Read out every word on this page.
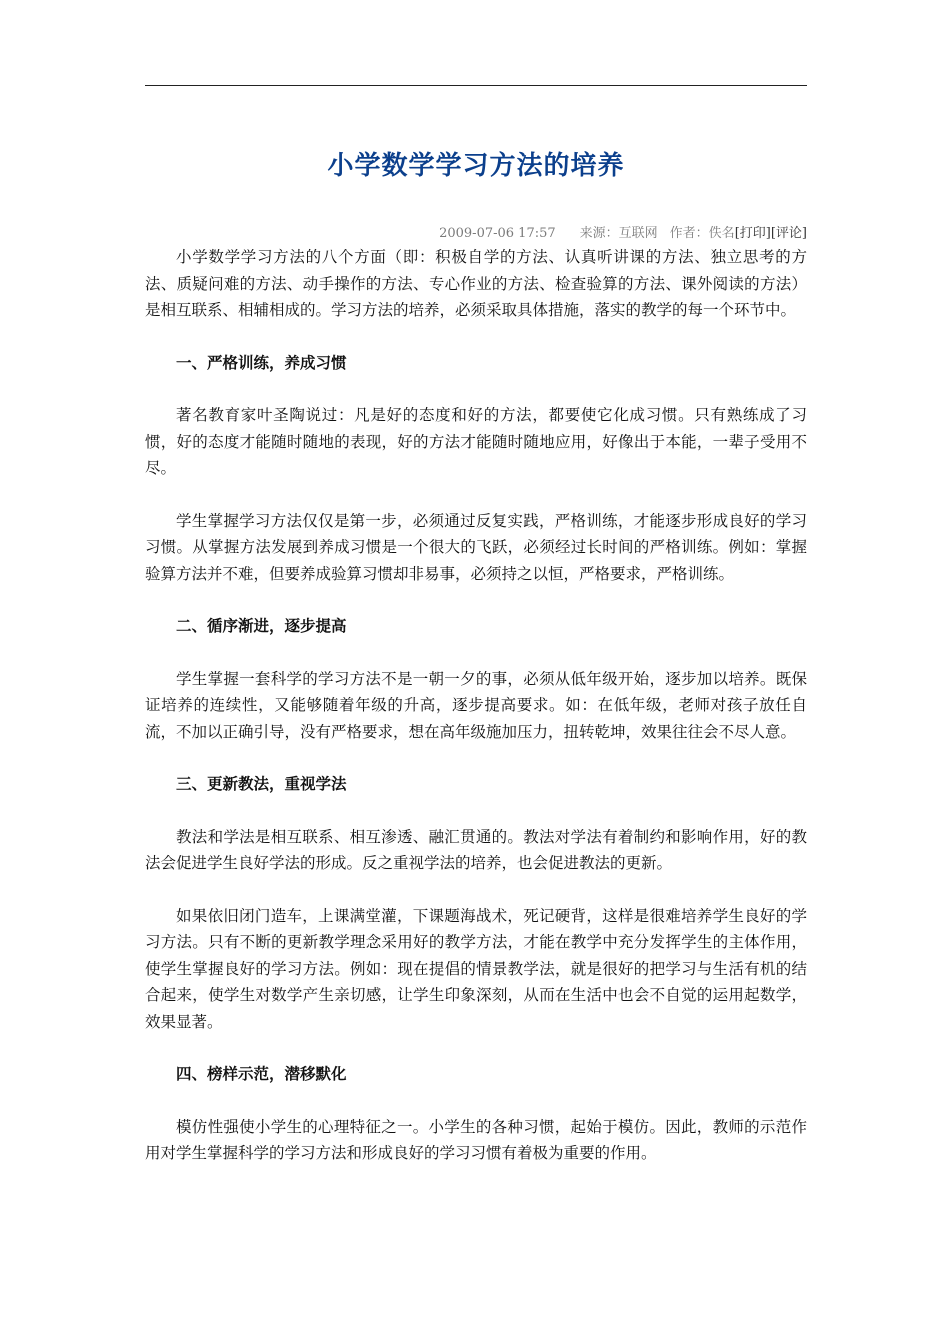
小学数学学习方法的培养
2009-07-06 17:57 来源：互联网 作者：佚名[打印][评论]

小学数学学习方法的八个方面（即：积极自学的方法、认真听讲课的方法、独立思考的方法、质疑问难的方法、动手操作的方法、专心作业的方法、检查验算的方法、课外阅读的方法）是相互联系、相辅相成的。学习方法的培养，必须采取具体措施，落实的教学的每一个环节中。

一、严格训练，养成习惯

著名教育家叶圣陶说过：凡是好的态度和好的方法，都要使它化成习惯。只有熟练成了习惯，好的态度才能随时随地的表现，好的方法才能随时随地应用，好像出于本能，一辈子受用不尽。

学生掌握学习方法仅仅是第一步，必须通过反复实践，严格训练，才能逐步形成良好的学习习惯。从掌握方法发展到养成习惯是一个很大的飞跃，必须经过长时间的严格训练。例如：掌握验算方法并不难，但要养成验算习惯却非易事，必须持之以恒，严格要求，严格训练。

二、循序渐进，逐步提高

学生掌握一套科学的学习方法不是一朝一夕的事，必须从低年级开始，逐步加以培养。既保证培养的连续性，又能够随着年级的升高，逐步提高要求。如：在低年级，老师对孩子放任自流，不加以正确引导，没有严格要求，想在高年级施加压力，扭转乾坤，效果往往会不尽人意。

三、更新教法，重视学法

教法和学法是相互联系、相互渗透、融汇贯通的。教法对学法有着制约和影响作用，好的教法会促进学生良好学法的形成。反之重视学法的培养，也会促进教法的更新。

如果依旧闭门造车，上课满堂灌，下课题海战术，死记硬背，这样是很难培养学生良好的学习方法。只有不断的更新教学理念采用好的教学方法，才能在教学中充分发挥学生的主体作用，使学生掌握良好的学习方法。例如：现在提倡的情景教学法，就是很好的把学习与生活有机的结合起来，使学生对数学产生亲切感，让学生印象深刻，从而在生活中也会不自觉的运用起数学，效果显著。

四、榜样示范，潜移默化

模仿性强使小学生的心理特征之一。小学生的各种习惯，起始于模仿。因此，教师的示范作用对学生掌握科学的学习方法和形成良好的学习习惯有着极为重要的作用。
